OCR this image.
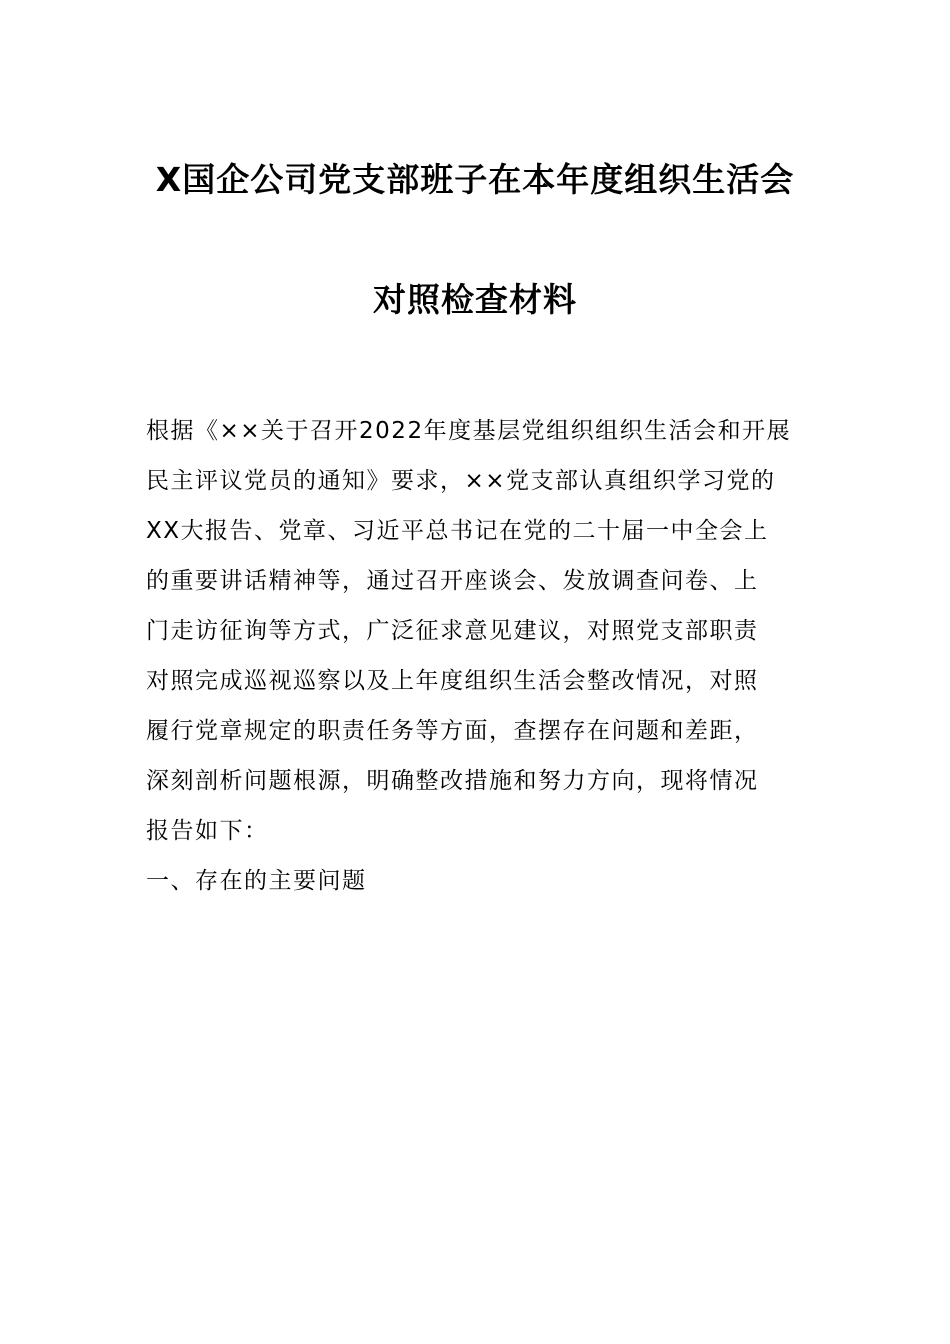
X国企公司党支部班子在本年度组织生活会
对照检查材料
根据《××关于召开2022年度基层党组织组织生活会和开展
民主评议党员的通知》要求，××党支部认真组织学习党的
XX大报告、党章、习近平总书记在党的二十届一中全会上
的重要讲话精神等，通过召开座谈会、发放调查问卷、上
门走访征询等方式，广泛征求意见建议，对照党支部职责
对照完成巡视巡察以及上年度组织生活会整改情况，对照
履行党章规定的职责任务等方面，查摆存在问题和差距，
深刻剖析问题根源，明确整改措施和努力方向，现将情况
报告如下：
一、存在的主要问题
